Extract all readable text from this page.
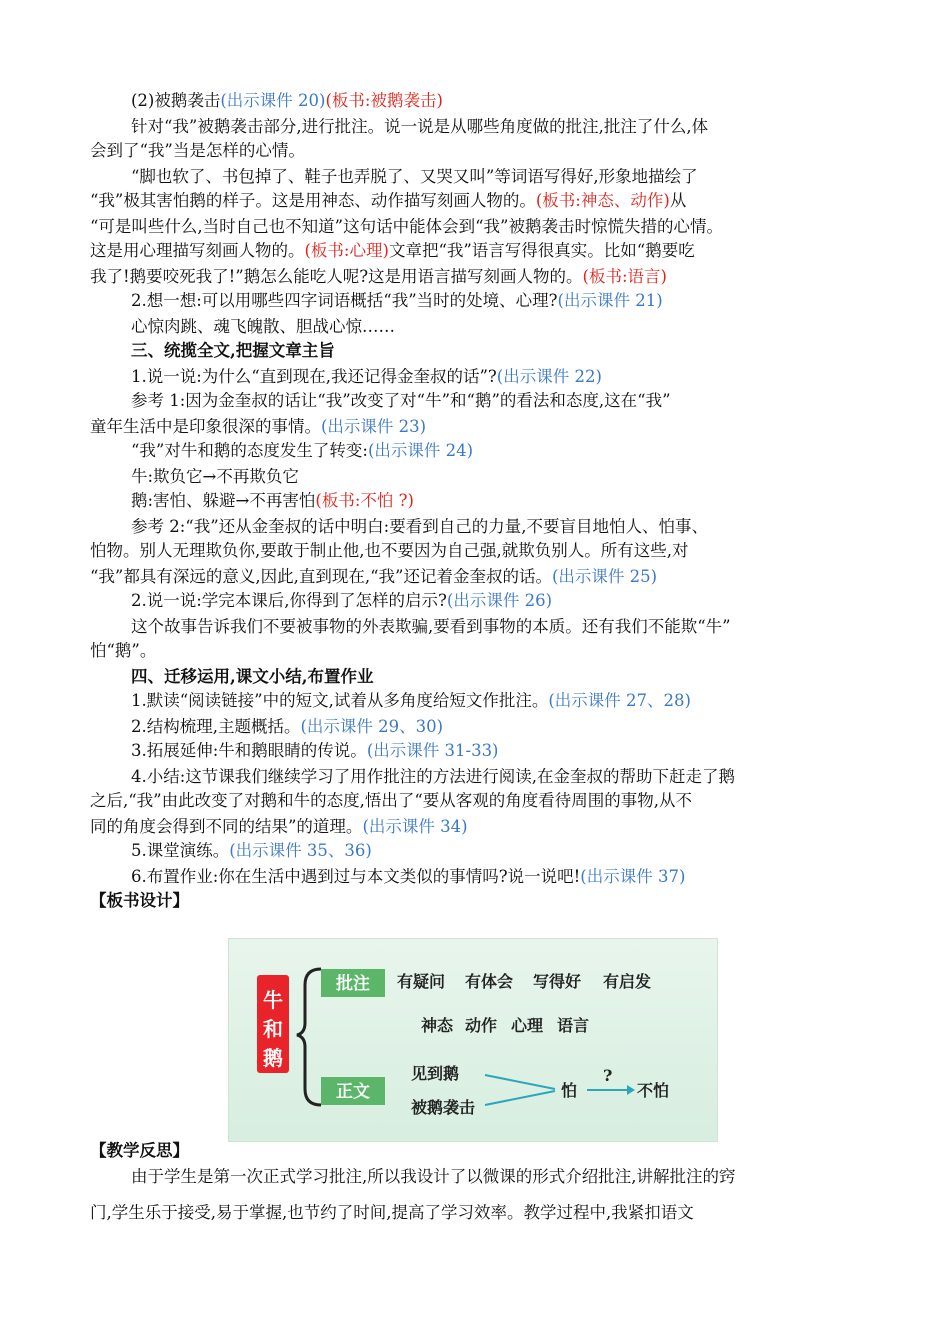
(2)被鹅袭击(出示课件 20)(板书:被鹅袭击)
针对“我”被鹅袭击部分,进行批注。说一说是从哪些角度做的批注,批注了什么,体
会到了“我”当是怎样的心情。
“脚也软了、书包掉了、鞋子也弄脱了、又哭又叫”等词语写得好,形象地描绘了
“我”极其害怕鹅的样子。这是用神态、动作描写刻画人物的。(板书:神态、动作)从
“可是叫些什么,当时自己也不知道”这句话中能体会到“我”被鹅袭击时惊慌失措的心情。
这是用心理描写刻画人物的。(板书:心理)文章把“我”语言写得很真实。比如“鹅要吃
我了!鹅要咬死我了!”鹅怎么能吃人呢?这是用语言描写刻画人物的。(板书:语言)
2.想一想:可以用哪些四字词语概括“我”当时的处境、心理?(出示课件 21)
心惊肉跳、魂飞魄散、胆战心惊……
三、统揽全文,把握文章主旨
1.说一说:为什么“直到现在,我还记得金奎叔的话”?(出示课件 22)
参考 1:因为金奎叔的话让“我”改变了对“牛”和“鹅”的看法和态度,这在“我”
童年生活中是印象很深的事情。(出示课件 23)
“我”对牛和鹅的态度发生了转变:(出示课件 24)
牛:欺负它→不再欺负它
鹅:害怕、躲避→不再害怕(板书:不怕 ?)
参考 2:“我”还从金奎叔的话中明白:要看到自己的力量,不要盲目地怕人、怕事、
怕物。别人无理欺负你,要敢于制止他,也不要因为自己强,就欺负别人。所有这些,对
“我”都具有深远的意义,因此,直到现在,“我”还记着金奎叔的话。(出示课件 25)
2.说一说:学完本课后,你得到了怎样的启示?(出示课件 26)
这个故事告诉我们不要被事物的外表欺骗,要看到事物的本质。还有我们不能欺“牛”
怕“鹅”。
四、迁移运用,课文小结,布置作业
1.默读“阅读链接”中的短文,试着从多角度给短文作批注。(出示课件 27、28)
2.结构梳理,主题概括。(出示课件 29、30)
3.拓展延伸:牛和鹅眼睛的传说。(出示课件 31-33)
4.小结:这节课我们继续学习了用作批注的方法进行阅读,在金奎叔的帮助下赶走了鹅
之后,“我”由此改变了对鹅和牛的态度,悟出了“要从客观的角度看待周围的事物,从不
同的角度会得到不同的结果”的道理。(出示课件 34)
5.课堂演练。(出示课件 35、36)
6.布置作业:你在生活中遇到过与本文类似的事情吗?说一说吧!(出示课件 37)
【板书设计】
【教学反思】
由于学生是第一次正式学习批注,所以我设计了以微课的形式介绍批注,讲解批注的窍
门,学生乐于接受,易于掌握,也节约了时间,提高了学习效率。教学过程中,我紧扣语文
牛
和
鹅
批注
正文
有疑问 有体会 写得好 有启发
神态 动作 心理 语言
见到鹅
被鹅袭击
怕
?
不怕
